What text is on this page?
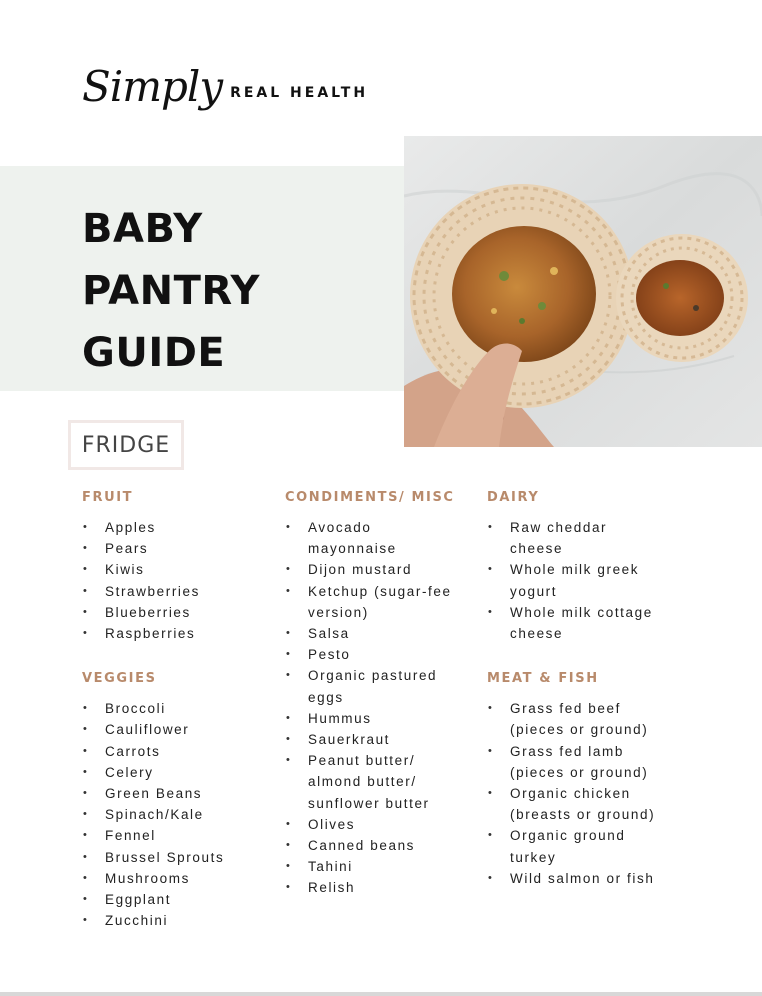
Simply REAL HEALTH
BABY
PANTRY
GUIDE
FRIDGE
FRUIT
• Apples
• Pears
• Kiwis
• Strawberries
• Blueberries
• Raspberries
VEGGIES
• Broccoli
• Cauliflower
• Carrots
• Celery
• Green Beans
• Spinach/Kale
• Fennel
• Brussel Sprouts
• Mushrooms
• Eggplant
• Zucchini
CONDIMENTS/ MISC
• Avocado mayonnaise
• Dijon mustard
• Ketchup (sugar-fee version)
• Salsa
• Pesto
• Organic pastured eggs
• Hummus
• Sauerkraut
• Peanut butter/ almond butter/ sunflower butter
• Olives
• Canned beans
• Tahini
• Relish
DAIRY
• Raw cheddar cheese
• Whole milk greek yogurt
• Whole milk cottage cheese
MEAT & FISH
• Grass fed beef (pieces or ground)
• Grass fed lamb (pieces or ground)
• Organic chicken (breasts or ground)
• Organic ground turkey
• Wild salmon or fish
